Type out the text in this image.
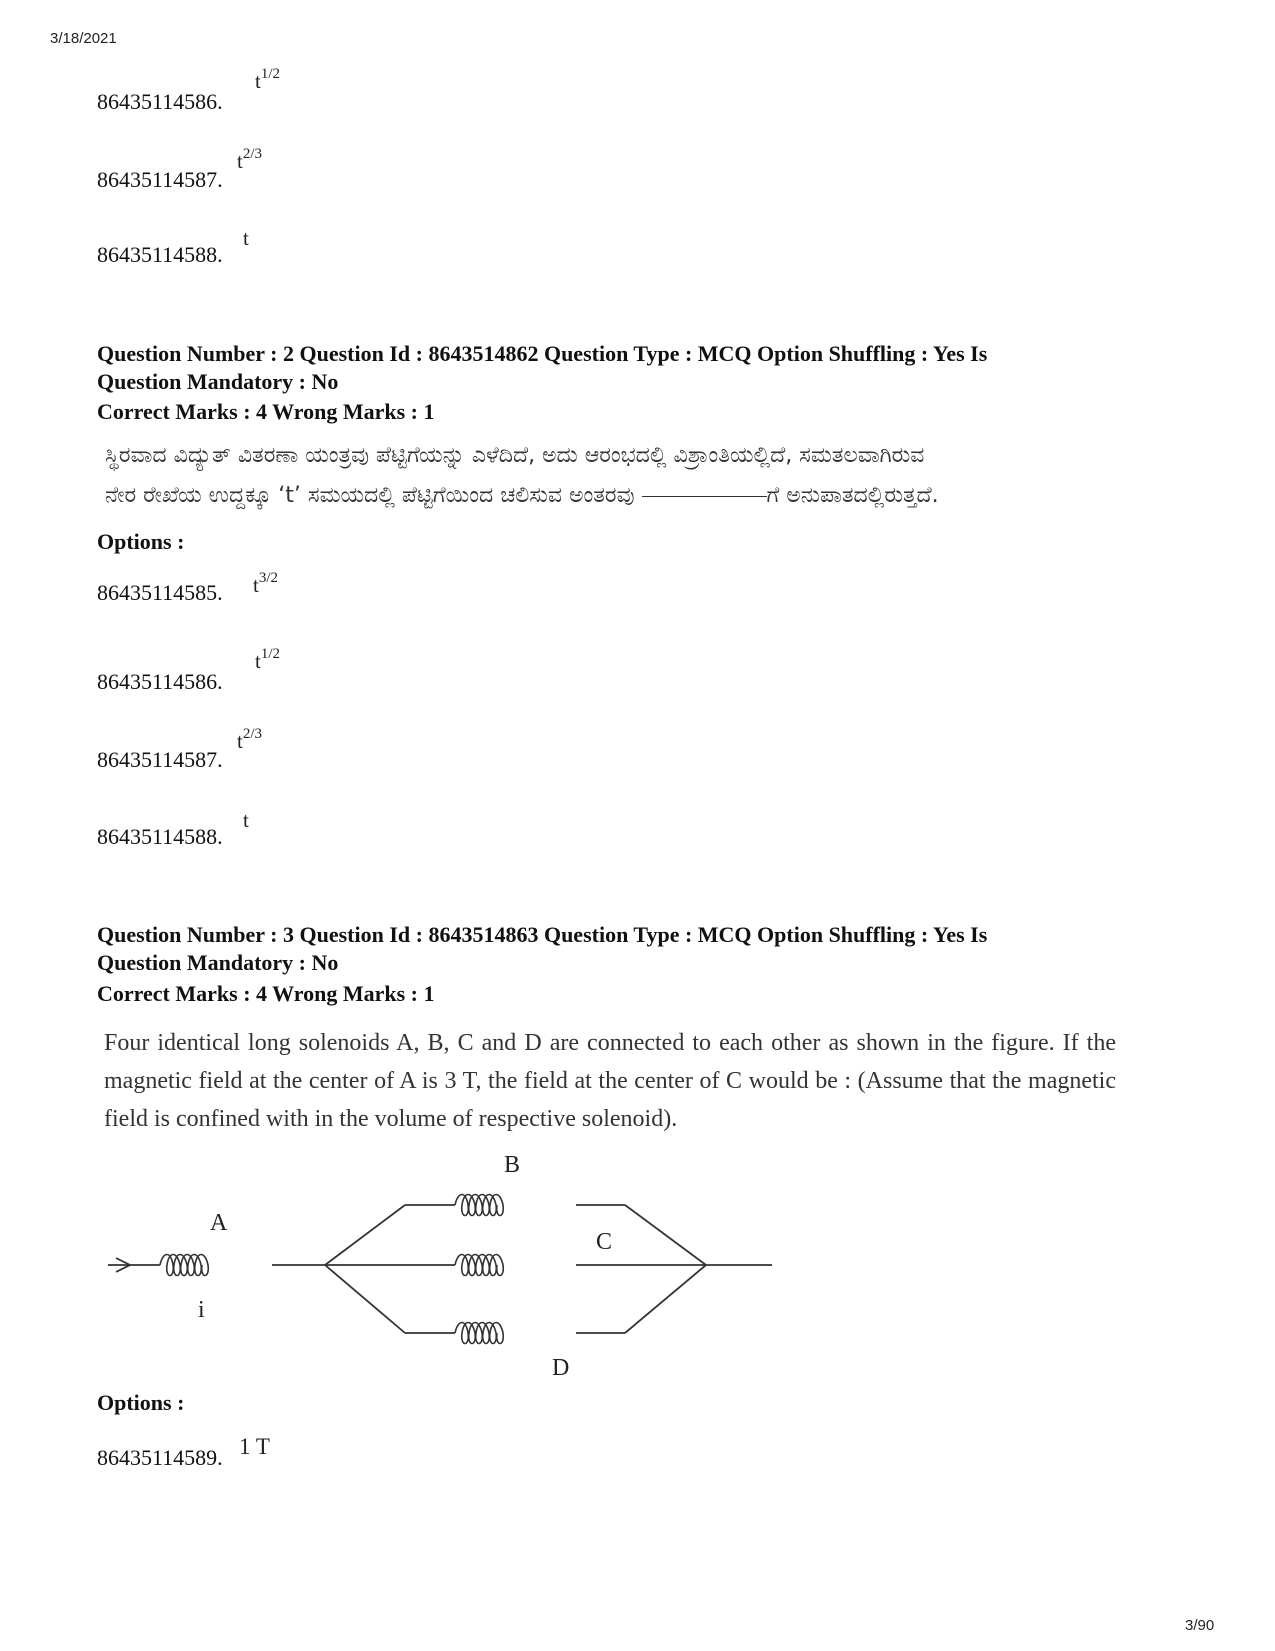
3/18/2021
86435114586.
$t^{1/2}$
86435114587.
$t^{2/3}$
86435114588.
t
Question Number : 2 Question Id : 8643514862 Question Type : MCQ Option Shuffling : Yes Is
Question Mandatory : No
Correct Marks : 4 Wrong Marks : 1
ಸ್ಥಿರವಾದ ವಿದ್ಯುತ್ ವಿತರಣಾ ಯಂತ್ರವು ಪೆಟ್ಟಿಗೆಯನ್ನು ಎಳೆದಿದೆ, ಅದು ಆರಂಭದಲ್ಲಿ ವಿಶ್ರಾಂತಿಯಲ್ಲಿದೆ, ಸಮತಲವಾಗಿರುವ
ನೇರ ರೇಖೆಯ ಉದ್ದಕ್ಕೂ ‘t’ ಸಮಯದಲ್ಲಿ ಪೆಟ್ಟಿಗೆಯಿಂದ ಚಲಿಸುವ ಅಂತರವು	ಗೆ ಅನುಪಾತದಲ್ಲಿರುತ್ತದೆ.
Options :
86435114585. $t^{3/2}$
86435114586.
$t^{1/2}$
86435114587.
$t^{2/3}$
86435114588.
t
Question Number : 3 Question Id : 8643514863 Question Type : MCQ Option Shuffling : Yes Is
Question Mandatory : No
Correct Marks : 4 Wrong Marks : 1
Four identical long solenoids A, B, C and D are connected to each other as shown in the figure. If the magnetic field at the center of A is 3 T, the field at the center of C would be : (Assume that the magnetic field is confined with in the volume of respective solenoid).
A
B
C
D
i
Options :
86435114589. 1 T
3/90
